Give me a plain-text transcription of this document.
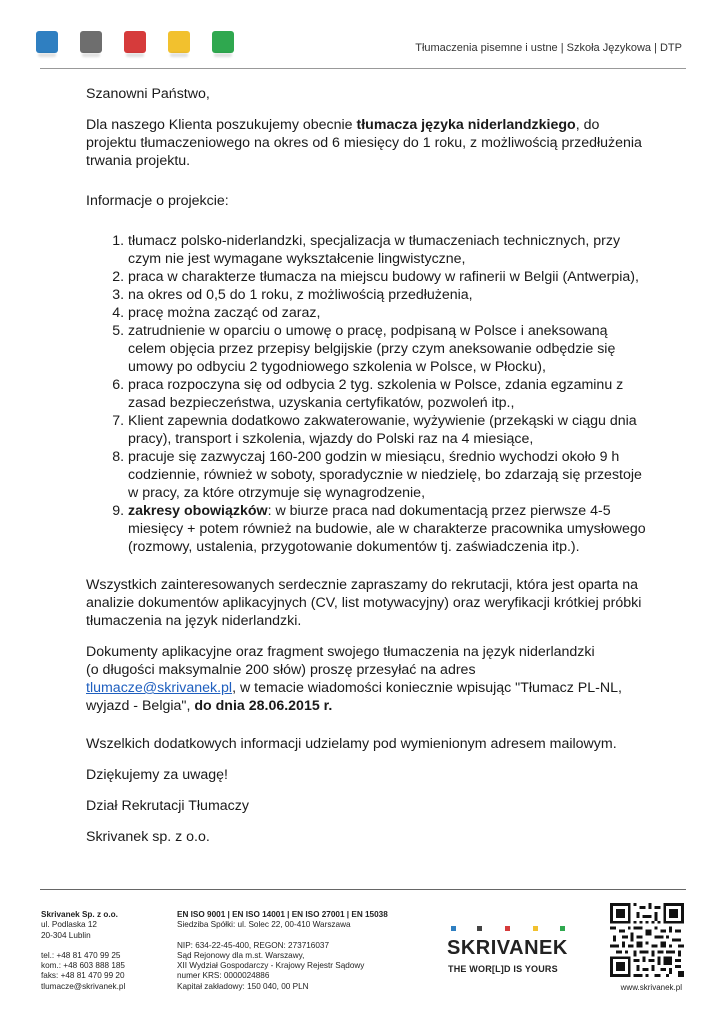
Tłumaczenia pisemne i ustne | Szkoła Językowa | DTP

Szanowni Państwo,

Dla naszego Klienta poszukujemy obecnie tłumacza języka niderlandzkiego, do projektu tłumaczeniowego na okres od 6 miesięcy do 1 roku, z możliwością przedłużenia trwania projektu.

Informacje o projekcie:

1. tłumacz polsko-niderlandzki, specjalizacja w tłumaczeniach technicznych, przy czym nie jest wymagane wykształcenie lingwistyczne,
2. praca w charakterze tłumacza na miejscu budowy w rafinerii w Belgii (Antwerpia),
3. na okres od 0,5 do 1 roku, z możliwością przedłużenia,
4. pracę można zacząć od zaraz,
5. zatrudnienie w oparciu o umowę o pracę, podpisaną w Polsce i aneksowaną celem objęcia przez przepisy belgijskie (przy czym aneksowanie odbędzie się umowy po odbyciu 2 tygodniowego szkolenia w Polsce, w Płocku),
6. praca rozpoczyna się od odbycia 2 tyg. szkolenia w Polsce, zdania egzaminu z zasad bezpieczeństwa, uzyskania certyfikatów, pozwoleń itp.,
7. Klient zapewnia dodatkowo zakwaterowanie, wyżywienie (przekąski w ciągu dnia pracy), transport i szkolenia, wjazdy do Polski raz na 4 miesiące,
8. pracuje się zazwyczaj 160-200 godzin w miesiącu, średnio wychodzi około 9 h codziennie, również w soboty, sporadycznie w niedzielę, bo zdarzają się przestoje w pracy, za które otrzymuje się wynagrodzenie,
9. zakresy obowiązków: w biurze praca nad dokumentacją przez pierwsze 4-5 miesięcy + potem również na budowie, ale w charakterze pracownika umysłowego (rozmowy, ustalenia, przygotowanie dokumentów tj. zaświadczenia itp.).

Wszystkich zainteresowanych serdecznie zapraszamy do rekrutacji, która jest oparta na analizie dokumentów aplikacyjnych (CV, list motywacyjny) oraz weryfikacji krótkiej próbki tłumaczenia na język niderlandzki.

Dokumenty aplikacyjne oraz fragment swojego tłumaczenia na język niderlandzki
(o długości maksymalnie 200 słów) proszę przesyłać na adres
tlumacze@skrivanek.pl, w temacie wiadomości koniecznie wpisując "Tłumacz PL-NL, wyjazd - Belgia", do dnia 28.06.2015 r.

Wszelkich dodatkowych informacji udzielamy pod wymienionym adresem mailowym.

Dziękujemy za uwagę!

Dział Rekrutacji Tłumaczy

Skrivanek sp. z o.o.

Skrivanek Sp. z o.o.
ul. Podlaska 12
20-304 Lublin
tel.: +48 81 470 99 25
kom.: +48 603 888 185
faks: +48 81 470 99 20
tlumacze@skrivanek.pl
EN ISO 9001 | EN ISO 14001 | EN ISO 27001 | EN 15038
Siedziba Spółki: ul. Solec 22, 00-410 Warszawa
NIP: 634-22-45-400, REGON: 273716037
Sąd Rejonowy dla m.st. Warszawy,
XII Wydział Gospodarczy - Krajowy Rejestr Sądowy
numer KRS: 0000024886
Kapitał zakładowy: 150 040, 00 PLN
SKRIVANEK
THE WOR[L]D IS YOURS
www.skrivanek.pl
